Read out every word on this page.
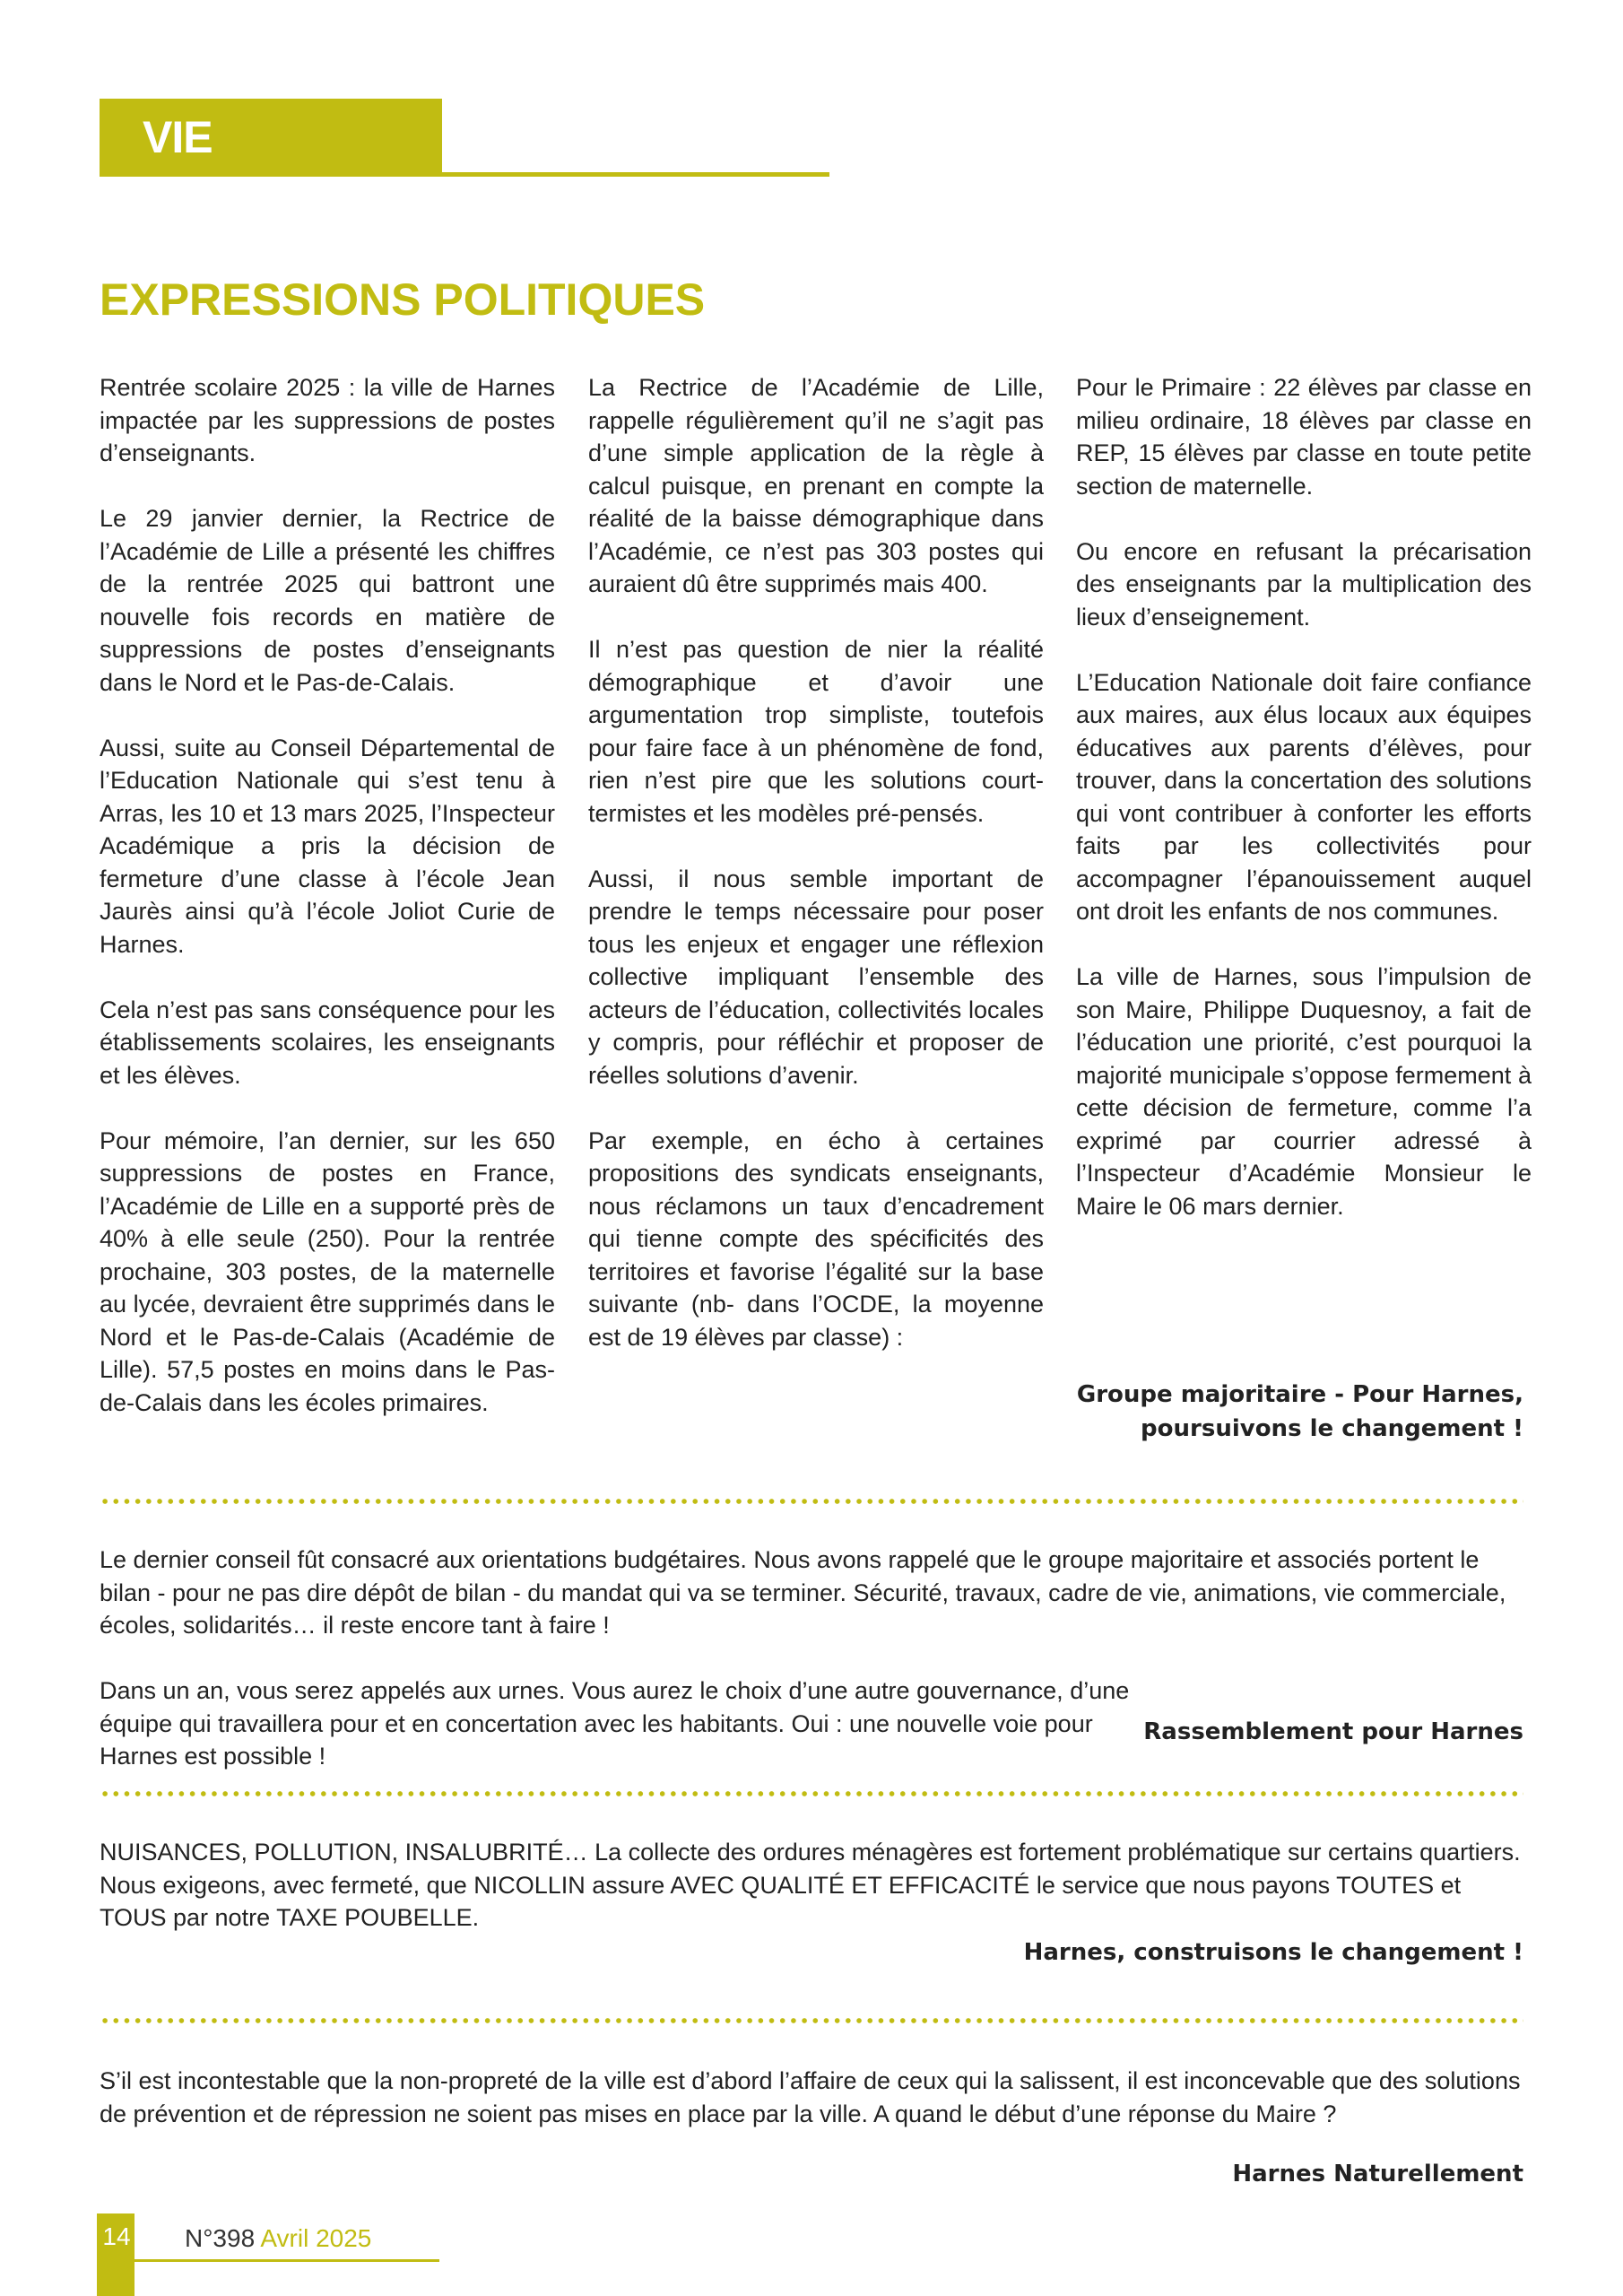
VIE MUNICIPALE
EXPRESSIONS POLITIQUES

Rentrée scolaire 2025 : la ville de Harnes impactée par les suppressions de postes d’enseignants.

Le 29 janvier dernier, la Rectrice de l’Académie de Lille a présenté les chiffres de la rentrée 2025 qui battront une nouvelle fois records en matière de suppressions de postes d’enseignants dans le Nord et le Pas-de-Calais.

Aussi, suite au Conseil Départemental de l’Education Nationale qui s’est tenu à Arras, les 10 et 13 mars 2025, l’Inspecteur Académique a pris la décision de fermeture d’une classe à l’école Jean Jaurès ainsi qu’à l’école Joliot Curie de Harnes.

Cela n’est pas sans conséquence pour les établissements scolaires, les enseignants et les élèves.

Pour mémoire, l’an dernier, sur les 650 suppressions de postes en France, l’Académie de Lille en a supporté près de 40% à elle seule (250). Pour la rentrée prochaine, 303 postes, de la maternelle au lycée, devraient être supprimés dans le Nord et le Pas-de-Calais (Académie de Lille). 57,5 postes en moins dans le Pas-de-Calais dans les écoles primaires.

La Rectrice de l’Académie de Lille, rappelle régulièrement qu’il ne s’agit pas d’une simple application de la règle à calcul puisque, en prenant en compte la réalité de la baisse démographique dans l’Académie, ce n’est pas 303 postes qui auraient dû être supprimés mais 400.

Il n’est pas question de nier la réalité démographique et d’avoir une argumentation trop simpliste, toutefois pour faire face à un phénomène de fond, rien n’est pire que les solutions court-termistes et les modèles pré-pensés.

Aussi, il nous semble important de prendre le temps nécessaire pour poser tous les enjeux et engager une réflexion collective impliquant l’ensemble des acteurs de l’éducation, collectivités locales y compris, pour réfléchir et proposer de réelles solutions d’avenir.

Par exemple, en écho à certaines propositions des syndicats enseignants, nous réclamons un taux d’encadrement qui tienne compte des spécificités des territoires et favorise l’égalité sur la base suivante (nb- dans l’OCDE, la moyenne est de 19 élèves par classe) :

Pour le Primaire : 22 élèves par classe en milieu ordinaire, 18 élèves par classe en REP, 15 élèves par classe en toute petite section de maternelle.

Ou encore en refusant la précarisation des enseignants par la multiplication des lieux d’enseignement.

L’Education Nationale doit faire confiance aux maires, aux élus locaux aux équipes éducatives aux parents d’élèves, pour trouver, dans la concertation des solutions qui vont contribuer à conforter les efforts faits par les collectivités pour accompagner l’épanouissement auquel ont droit les enfants de nos communes.

La ville de Harnes, sous l’impulsion de son Maire, Philippe Duquesnoy, a fait de l’éducation une priorité, c’est pourquoi la majorité municipale s’oppose fermement à cette décision de fermeture, comme l’a exprimé par courrier adressé à l’Inspecteur d’Académie Monsieur le Maire le 06 mars dernier.

Groupe majoritaire - Pour Harnes,
poursuivons le changement !

Le dernier conseil fût consacré aux orientations budgétaires. Nous avons rappelé que le groupe majoritaire et associés portent le bilan - pour ne pas dire dépôt de bilan - du mandat qui va se terminer. Sécurité, travaux, cadre de vie, animations, vie commerciale, écoles, solidarités… il reste encore tant à faire !

Dans un an, vous serez appelés aux urnes. Vous aurez le choix d’une autre gouvernance, d’une équipe qui travaillera pour et en concertation avec les habitants. Oui : une nouvelle voie pour Harnes est possible !

Rassemblement pour Harnes

NUISANCES, POLLUTION, INSALUBRITÉ… La collecte des ordures ménagères est fortement problématique sur certains quartiers. Nous exigeons, avec fermeté, que NICOLLIN assure AVEC QUALITÉ ET EFFICACITÉ le service que nous payons TOUTES et TOUS par notre TAXE POUBELLE.

Harnes, construisons le changement !

S’il est incontestable que la non-propreté de la ville est d’abord l’affaire de ceux qui la salissent, il est inconcevable que des solutions de prévention et de répression ne soient pas mises en place par la ville. A quand le début d’une réponse du Maire ?

Harnes Naturellement
14 N°398 Avril 2025
